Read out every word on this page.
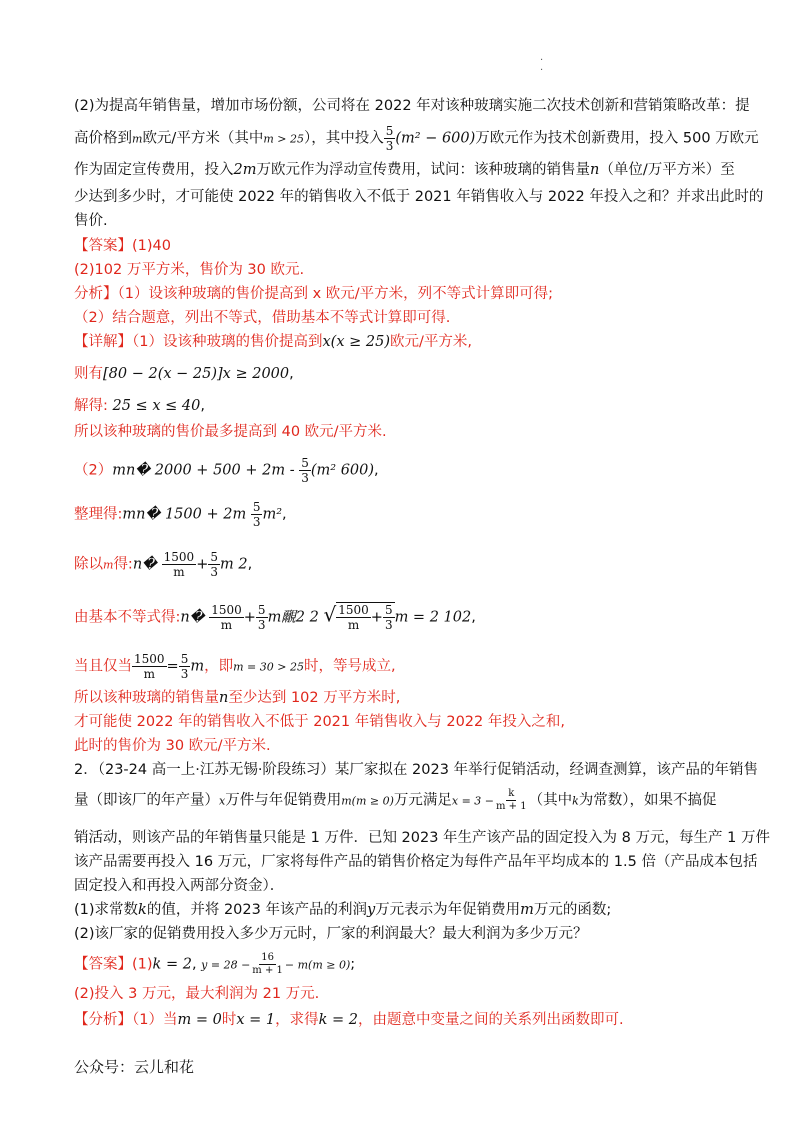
·
·
(2)为提高年销售量，增加市场份额，公司将在 2022 年对该种玻璃实施二次技术创新和营销策略改革：提
高价格到m欧元/平方米（其中m > 25），其中投入 $\frac{5}{3} (m^2 - 600)$万欧元作为技术创新费用，投入 500 万欧元
作为固定宣传费用，投入2m万欧元作为浮动宣传费用，试问：该种玻璃的销售量n（单位/万平方米）至
少达到多少时，才可能使 2022 年的销售收入不低于 2021 年销售收入与 2022 年投入之和？并求出此时的
售价.
【答案】(1)40
(2)102 万平方米，售价为 30 欧元.
分析】（1）设该种玻璃的售价提高到 x 欧元/平方米，列不等式计算即可得;
（2）结合题意，列出不等式，借助基本不等式计算即可得.
【详解】（1）设该种玻璃的售价提高到x(x ≥ 25)欧元/平方米,
则有[80 − 2(x − 25)]x ≥ 2000,
解得: 25 ≤ x ≤ 40,
所以该种玻璃的售价最多提高到 40 欧元/平方米.
（2）mn� $2000 + 500 + 2m - \frac{5}{3} (m^2$ 600),
整理得:mn� $1500 + 2m \frac{5}{3} m^2$,
除以m得:n� $\frac{1500}{m} + \frac{5}{3}$ m 2,
由基本不等式得:n� $\frac{1500}{m} + \frac{5}{3}$ m覼2 2 √ $\frac{1500}{m} + \frac{5}{3}$ m = 2 102,
当且仅当 $\frac{1500}{m} = \frac{5}{3}$ m，即m = 30 > 25时，等号成立,
所以该种玻璃的销售量n至少达到 102 万平方米时,
才可能使 2022 年的销售收入不低于 2021 年销售收入与 2022 年投入之和,
此时的售价为 30 欧元/平方米.
2．（23-24 高一上·江苏无锡·阶段练习）某厂家拟在 2023 年举行促销活动，经调查测算，该产品的年销售
量（即该厂的年产量）x万件与年促销费用m(m ≥ 0)万元满足$x = 3 - \frac{k}{m + 1}$ （其中k为常数），如果不搞促
销活动，则该产品的年销售量只能是 1 万件．已知 2023 年生产该产品的固定投入为 8 万元，每生产 1 万件
该产品需要再投入 16 万元，厂家将每件产品的销售价格定为每件产品年平均成本的 1.5 倍（产品成本包括
固定投入和再投入两部分资金）．
(1)求常数k的值，并将 2023 年该产品的利润y万元表示为年促销费用m万元的函数;
(2)该厂家的促销费用投入多少万元时，厂家的利润最大？最大利润为多少万元？
【答案】(1)k = 2, $y = 28 - \frac{16}{m + 1} - m(m \ge 0)$;
(2)投入 3 万元，最大利润为 21 万元.
【分析】（1）当m = 0时x = 1，求得k = 2，由题意中变量之间的关系列出函数即可.
公众号：云儿和花
